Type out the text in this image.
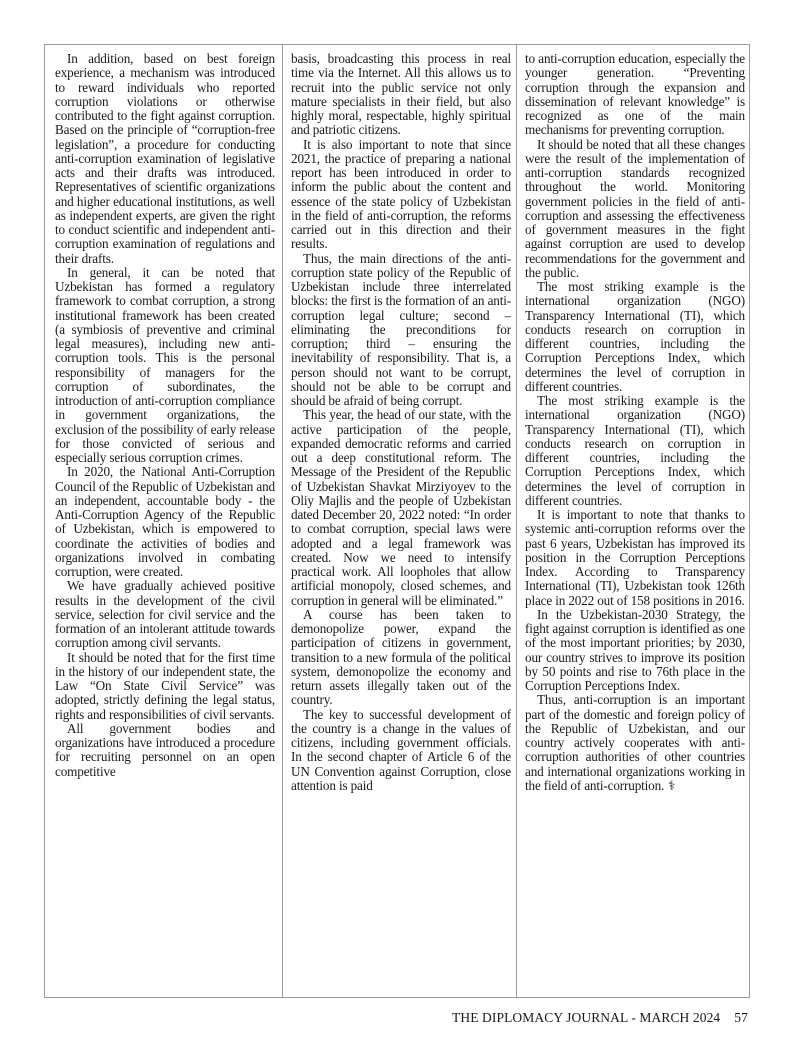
In addition, based on best foreign experience, a mechanism was introduced to reward individuals who reported corruption violations or otherwise contributed to the fight against corruption. Based on the principle of “corruption-free legislation”, a procedure for conducting anti-corruption examination of legislative acts and their drafts was introduced. Representatives of scientific organizations and higher educational institutions, as well as independent experts, are given the right to conduct scientific and independent anti-corruption examination of regulations and their drafts.

In general, it can be noted that Uzbekistan has formed a regulatory framework to combat corruption, a strong institutional framework has been created (a symbiosis of preventive and criminal legal measures), including new anti-corruption tools. This is the personal responsibility of managers for the corruption of subordinates, the introduction of anti-corruption compliance in government organizations, the exclusion of the possibility of early release for those convicted of serious and especially serious corruption crimes.

In 2020, the National Anti-Corruption Council of the Republic of Uzbekistan and an independent, accountable body - the Anti-Corruption Agency of the Republic of Uzbekistan, which is empowered to coordinate the activities of bodies and organizations involved in combating corruption, were created.

We have gradually achieved positive results in the development of the civil service, selection for civil service and the formation of an intolerant attitude towards corruption among civil servants.

It should be noted that for the first time in the history of our independent state, the Law “On State Civil Service” was adopted, strictly defining the legal status, rights and responsibilities of civil servants.

All government bodies and organizations have introduced a procedure for recruiting personnel on an open competitive

basis, broadcasting this process in real time via the Internet. All this allows us to recruit into the public service not only mature specialists in their field, but also highly moral, respectable, highly spiritual and patriotic citizens.

It is also important to note that since 2021, the practice of preparing a national report has been introduced in order to inform the public about the content and essence of the state policy of Uzbekistan in the field of anti-corruption, the reforms carried out in this direction and their results.

Thus, the main directions of the anti-corruption state policy of the Republic of Uzbekistan include three interrelated blocks: the first is the formation of an anti-corruption legal culture; second – eliminating the preconditions for corruption; third – ensuring the inevitability of responsibility. That is, a person should not want to be corrupt, should not be able to be corrupt and should be afraid of being corrupt.

This year, the head of our state, with the active participation of the people, expanded democratic reforms and carried out a deep constitutional reform. The Message of the President of the Republic of Uzbekistan Shavkat Mirziyoyev to the Oliy Majlis and the people of Uzbekistan dated December 20, 2022 noted: “In order to combat corruption, special laws were adopted and a legal framework was created. Now we need to intensify practical work. All loopholes that allow artificial monopoly, closed schemes, and corruption in general will be eliminated.”

A course has been taken to demonopolize power, expand the participation of citizens in government, transition to a new formula of the political system, demonopolize the economy and return assets illegally taken out of the country.

The key to successful development of the country is a change in the values of citizens, including government officials. In the second chapter of Article 6 of the UN Convention against Corruption, close attention is paid

to anti-corruption education, especially the younger generation. “Preventing corruption through the expansion and dissemination of relevant knowledge” is recognized as one of the main mechanisms for preventing corruption.

It should be noted that all these changes were the result of the implementation of anti-corruption standards recognized throughout the world. Monitoring government policies in the field of anti-corruption and assessing the effectiveness of government measures in the fight against corruption are used to develop recommendations for the government and the public.

The most striking example is the international organization (NGO) Transparency International (TI), which conducts research on corruption in different countries, including the Corruption Perceptions Index, which determines the level of corruption in different countries.

The most striking example is the international organization (NGO) Transparency International (TI), which conducts research on corruption in different countries, including the Corruption Perceptions Index, which determines the level of corruption in different countries.

It is important to note that thanks to systemic anti-corruption reforms over the past 6 years, Uzbekistan has improved its position in the Corruption Perceptions Index. According to Transparency International (TI), Uzbekistan took 126th place in 2022 out of 158 positions in 2016.

In the Uzbekistan-2030 Strategy, the fight against corruption is identified as one of the most important priorities; by 2030, our country strives to improve its position by 50 points and rise to 76th place in the Corruption Perceptions Index.

Thus, anti-corruption is an important part of the domestic and foreign policy of the Republic of Uzbekistan, and our country actively cooperates with anti-corruption authorities of other countries and international organizations working in the field of anti-corruption. ⚕

THE DIPLOMACY JOURNAL - MARCH 2024 57
